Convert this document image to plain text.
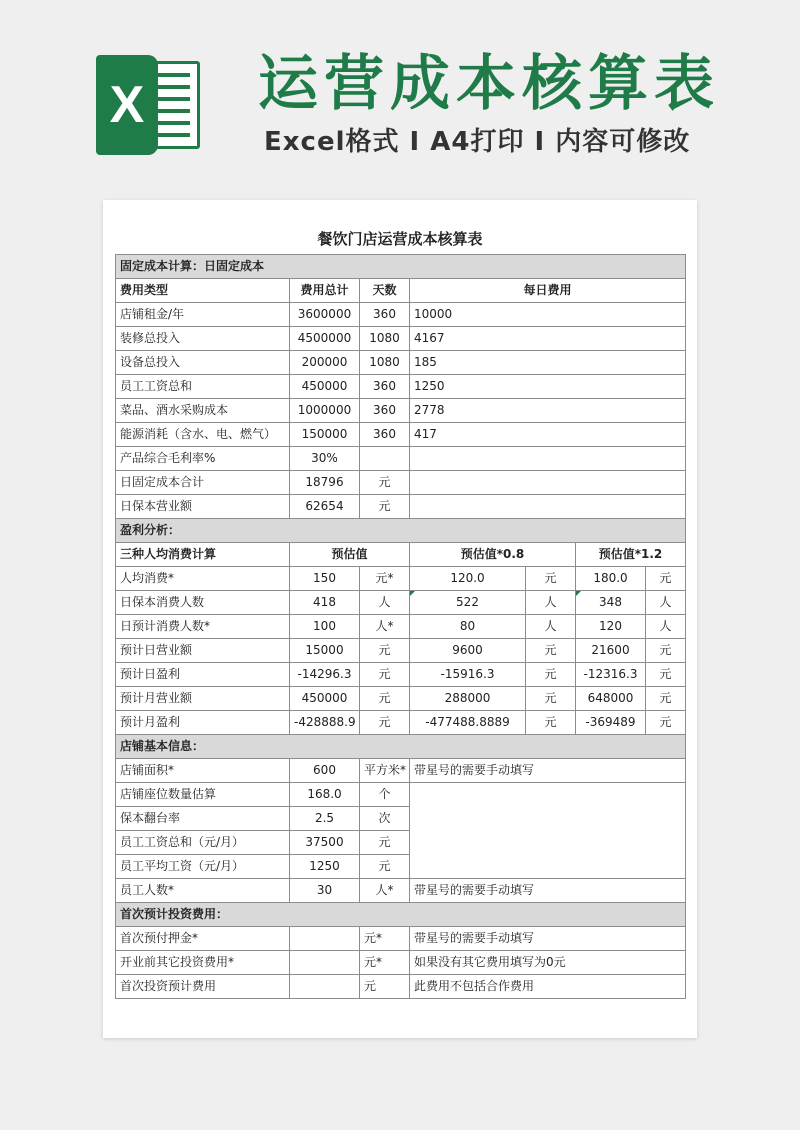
X 运营成本核算表
Excel格式 I A4打印 I 内容可修改
餐饮门店运营成本核算表
固定成本计算：日固定成本						
费用类型	费用总计	天数	每日费用			
店铺租金/年	3600000	360	10000			
装修总投入	4500000	1080	4167			
设备总投入	200000	1080	185			
员工工资总和	450000	360	1250			
菜品、酒水采购成本	1000000	360	2778			
能源消耗（含水、电、燃气）	150000	360	417			
产品综合毛利率%	30%					
日固定成本合计	18796	元				
日保本营业额	62654	元				
盈利分析：						
三种人均消费计算	预估值		预估值*0.8		预估值*1.2	
人均消费*	150	元*	120.0	元	180.0	元
日保本消费人数	418	人	522	人	348	人
日预计消费人数*	100	人*	80	人	120	人
预计日营业额	15000	元	9600	元	21600	元
预计日盈利	-14296.3	元	-15916.3	元	-12316.3	元
预计月营业额	450000	元	288000	元	648000	元
预计月盈利	-428888.9	元	-477488.8889	元	-369489	元
店铺基本信息：						
店铺面积*	600	平方米*	带星号的需要手动填写			
店铺座位数量估算	168.0	个				
保本翻台率	2.5	次				
员工工资总和（元/月）	37500	元				
员工平均工资（元/月）	1250	元				
员工人数*	30	人*	带星号的需要手动填写			
首次预计投资费用：						
首次预付押金*		元*	带星号的需要手动填写			
开业前其它投资费用*		元*	如果没有其它费用填写为0元			
首次投资预计费用		元	此费用不包括合作费用			
